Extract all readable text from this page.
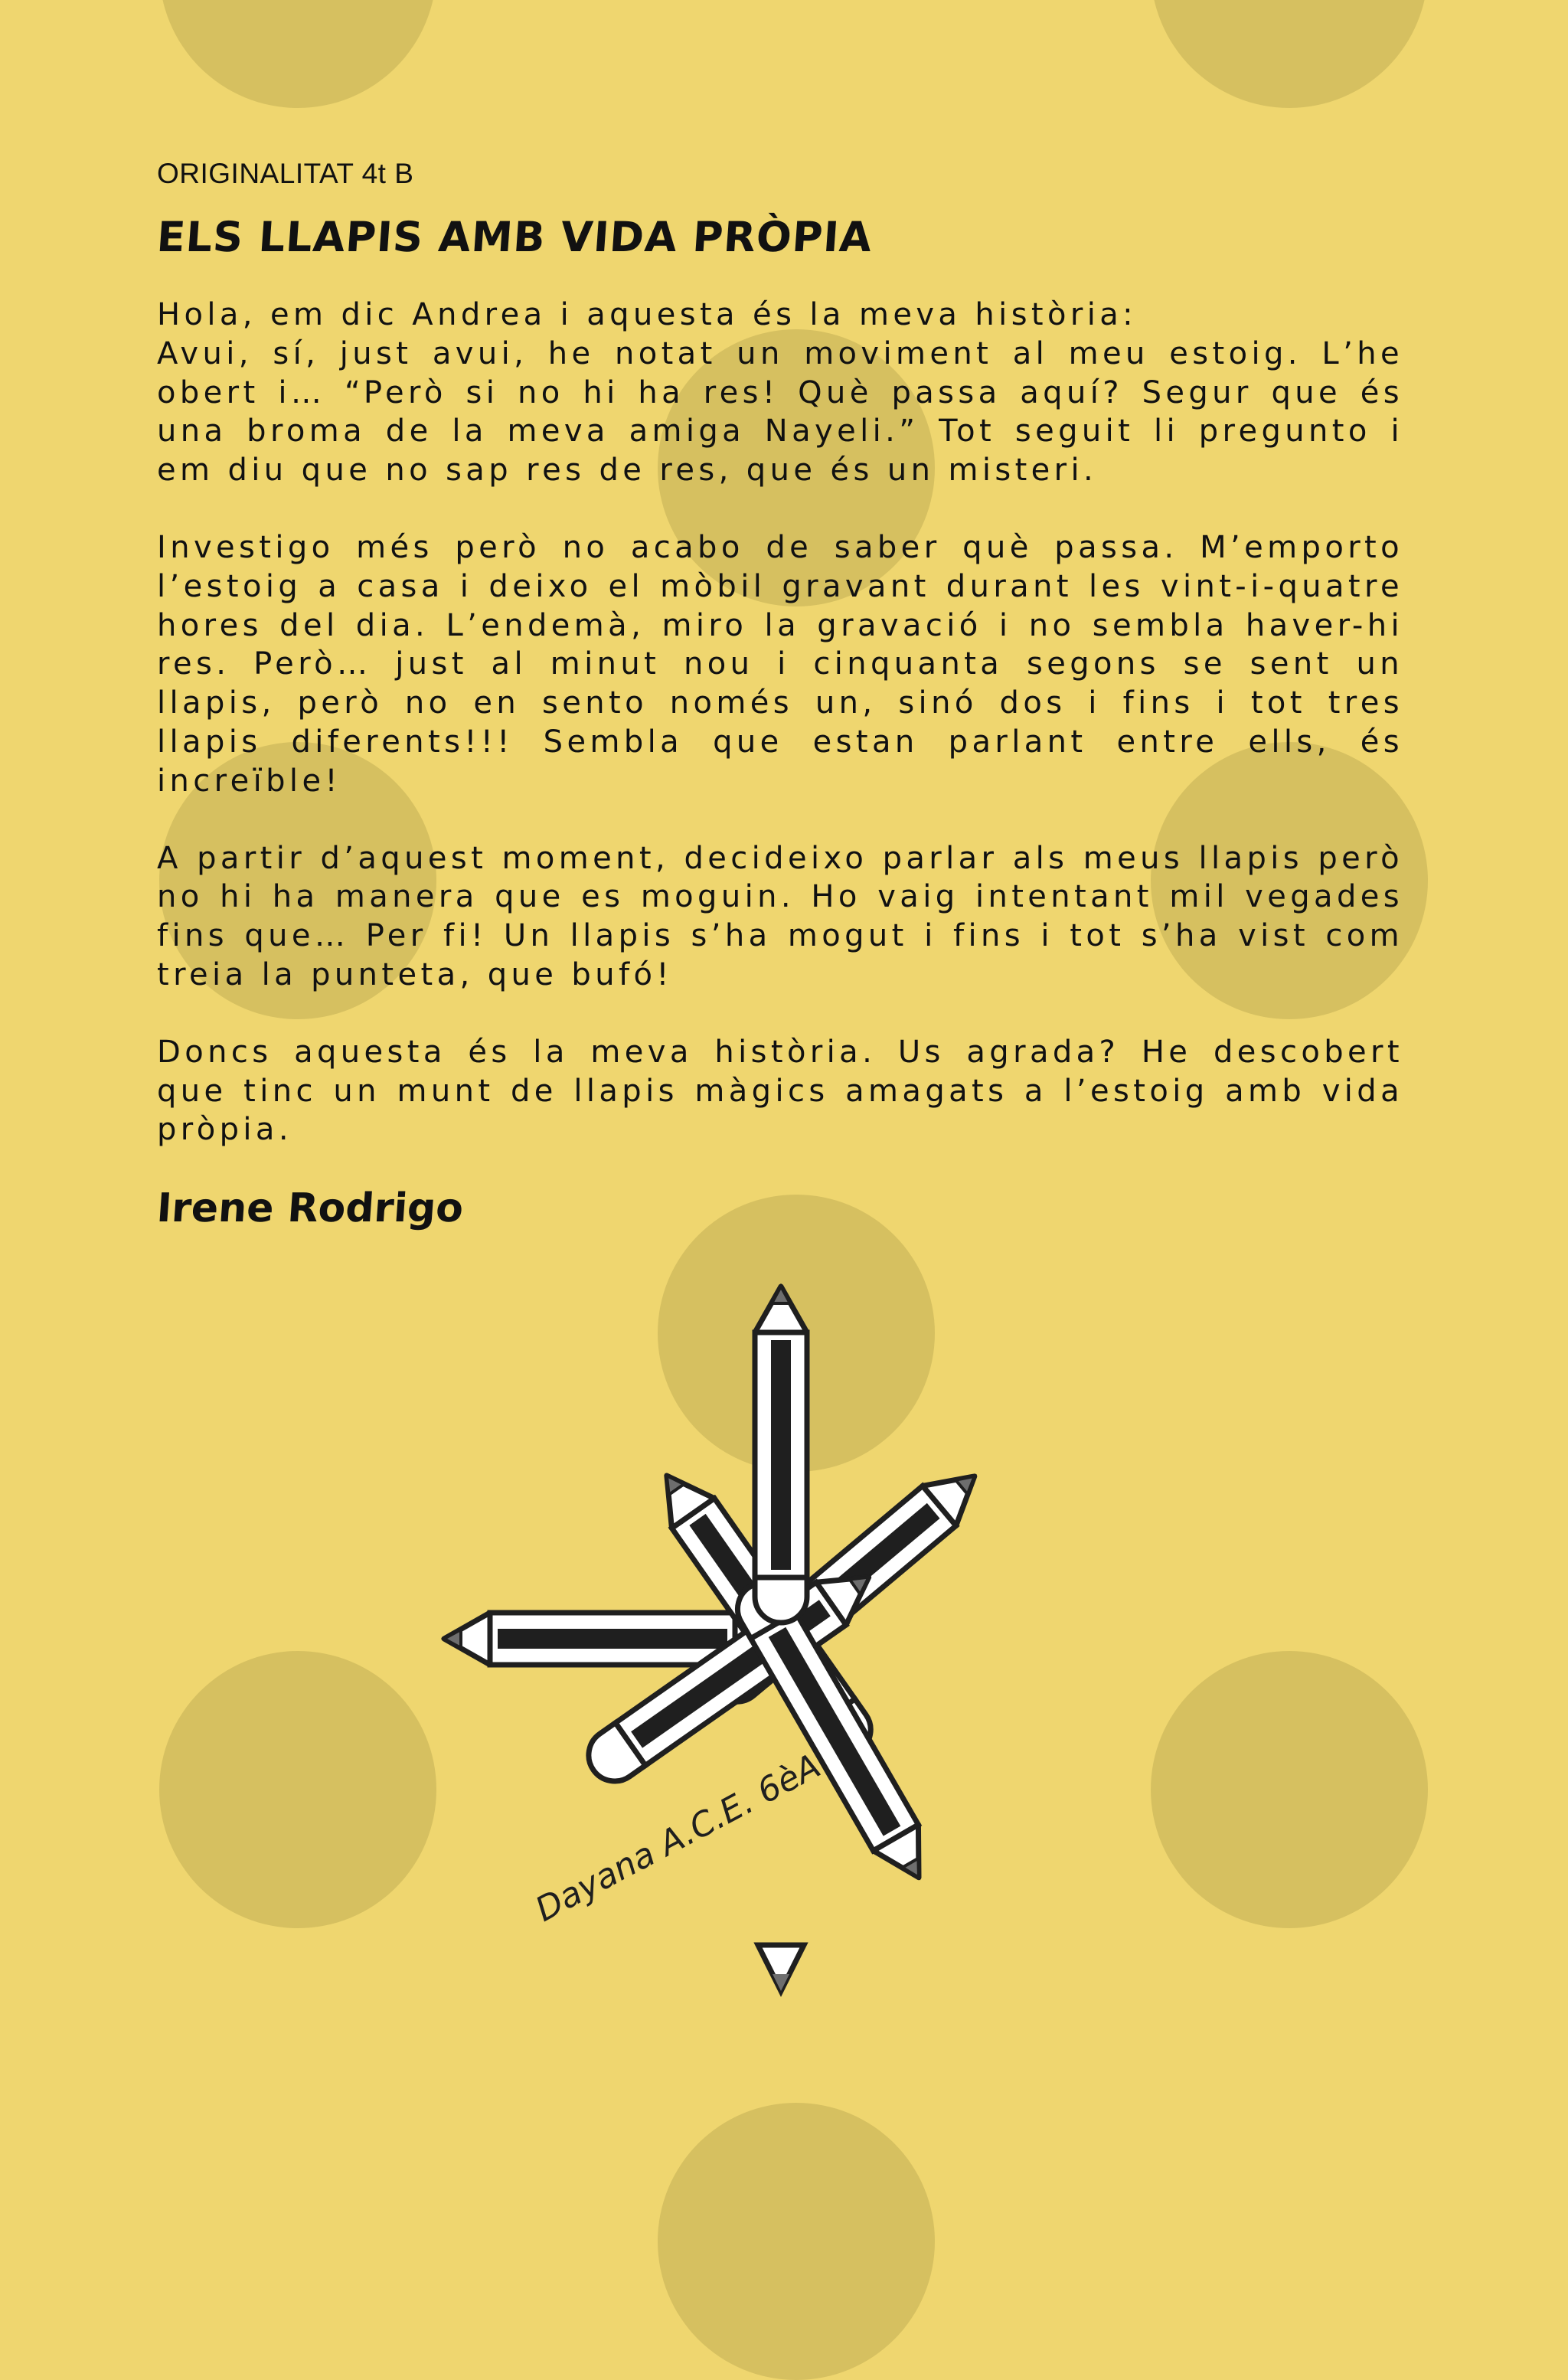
ORIGINALITAT 4t B
ELS LLAPIS AMB VIDA PRÒPIA

Hola, em dic Andrea i aquesta és la meva història:
Avui, sí, just avui, he notat un moviment al meu estoig. L’he obert i… “Però si no hi ha res! Què passa aquí? Segur que és una broma de la meva amiga Nayeli.” Tot seguit li pregunto i em diu que no sap res de res, que és un misteri.

Investigo més però no acabo de saber què passa. M’emporto l’estoig a casa i deixo el mòbil gravant durant les vint-i-quatre hores del dia. L’endemà, miro la gravació i no sembla haver-hi res. Però… just al minut nou i cinquanta segons se sent un llapis, però no en sento només un, sinó dos i fins i tot tres llapis diferents!!! Sembla que estan parlant entre ells, és increïble!

A partir d’aquest moment, decideixo parlar als meus llapis però no hi ha manera que es moguin. Ho vaig intentant mil vegades fins que… Per fi! Un llapis s’ha mogut i fins i tot s’ha vist com treia la punteta, que bufó!

Doncs aquesta és la meva història. Us agrada? He descobert que tinc un munt de llapis màgics amagats a l’estoig amb vida pròpia.

Irene Rodrigo
Dayana A.C.E. 6èA
